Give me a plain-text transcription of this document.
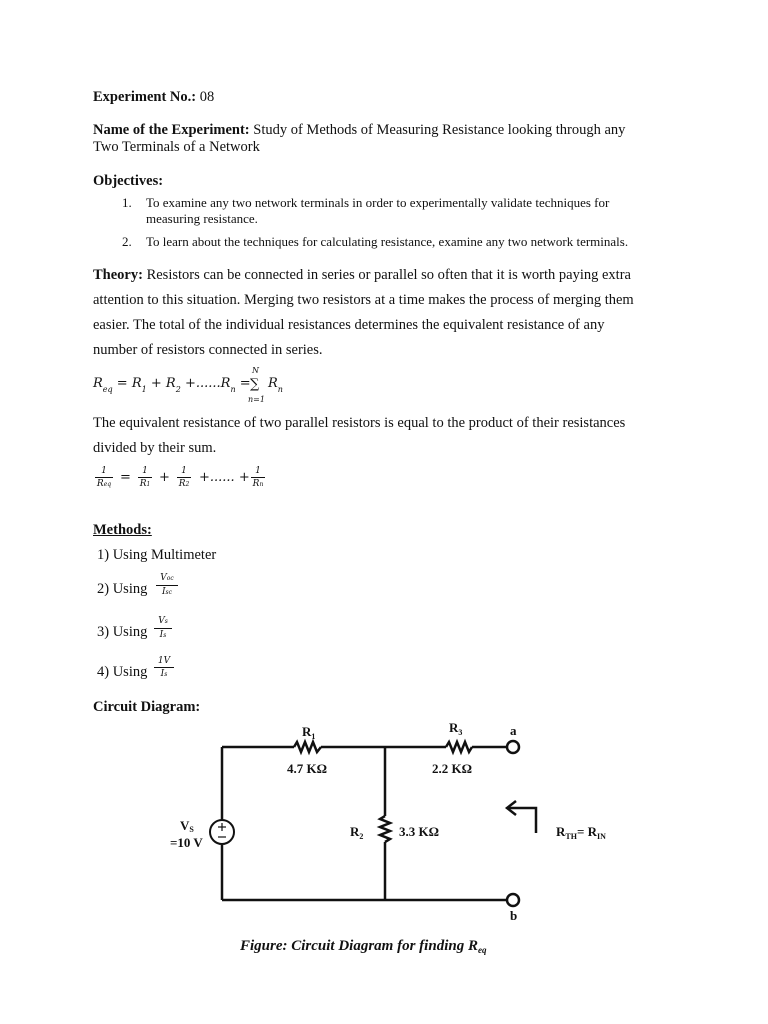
Experiment No.: 08
Name of the Experiment: Study of Methods of Measuring Resistance looking through any
Two Terminals of a Network
Objectives:
1. To examine any two network terminals in order to experimentally validate techniques for
measuring resistance.
2. To learn about the techniques for calculating resistance, examine any two network terminals.
Theory: Resistors can be connected in series or parallel so often that it is worth paying extra
attention to this situation. Merging two resistors at a time makes the process of merging them
easier. The total of the individual resistances determines the equivalent resistance of any
number of resistors connected in series.
$R_{eq} = R_1 + R_2 +......R_n$ =
N
∑
n=1
$R_n$
The equivalent resistance of two parallel resistors is equal to the product of their resistances
divided by their sum.
1
Req =	1
R1 +	1
R2 +...... + 1
Rn
Methods:
1) Using Multimeter
2) Using
Voc
Isc
3) Using
Vs
Is
4) Using
1V
Is
Circuit Diagram:
$R_1$
4.7 KΩ
$R_3$
2.2 KΩ
a
b
$R_2$	3.3 KΩ
VS
=10 V
$R_{TH}= R_{IN}$
Figure: Circuit Diagram for finding $R_{eq}$
